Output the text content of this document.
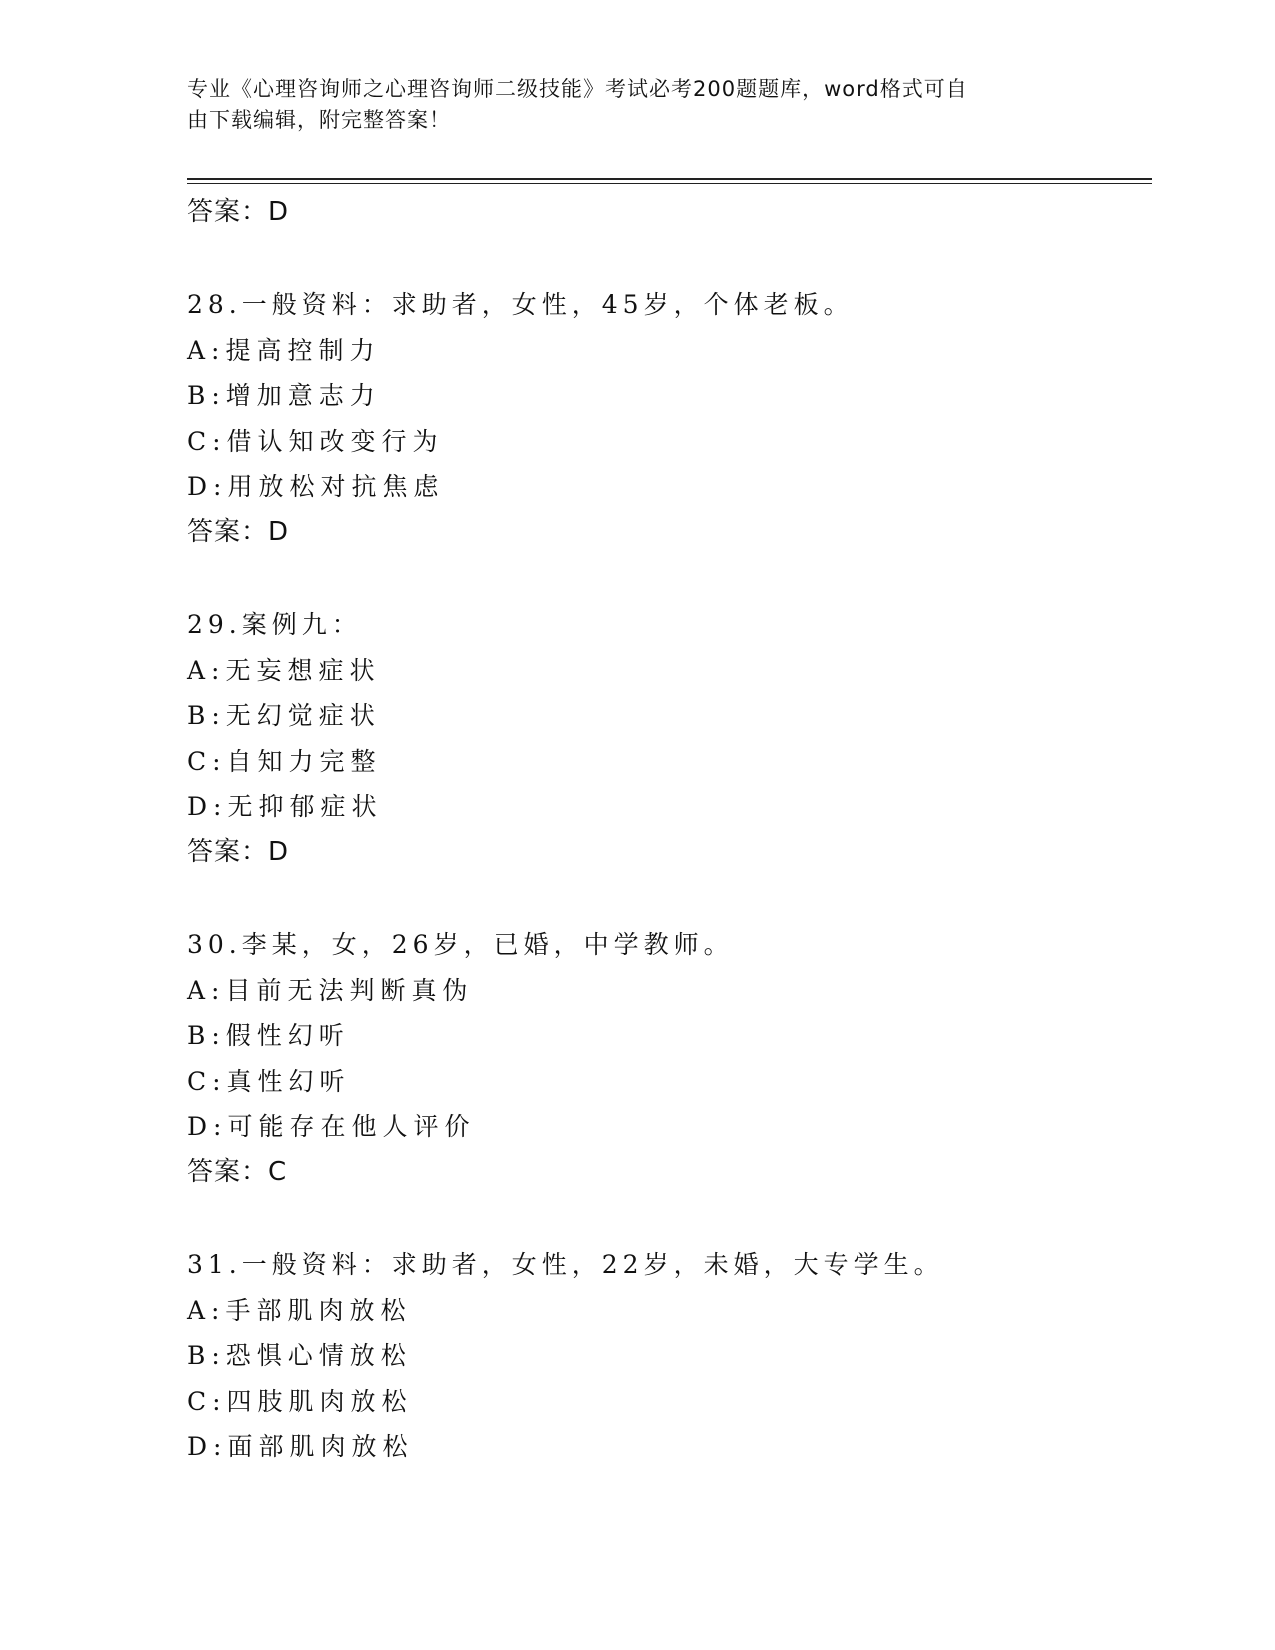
专业《心理咨询师之心理咨询师二级技能》考试必考200题题库，word格式可自
由下载编辑，附完整答案！
答案：D
28.一般资料：求助者，女性，45岁，个体老板。
A:提高控制力
B:增加意志力
C:借认知改变行为
D:用放松对抗焦虑
答案：D
29.案例九：
A:无妄想症状
B:无幻觉症状
C:自知力完整
D:无抑郁症状
答案：D
30.李某，女，26岁，已婚，中学教师。
A:目前无法判断真伪
B:假性幻听
C:真性幻听
D:可能存在他人评价
答案：C
31.一般资料：求助者，女性，22岁，未婚，大专学生。
A:手部肌肉放松
B:恐惧心情放松
C:四肢肌肉放松
D:面部肌肉放松
